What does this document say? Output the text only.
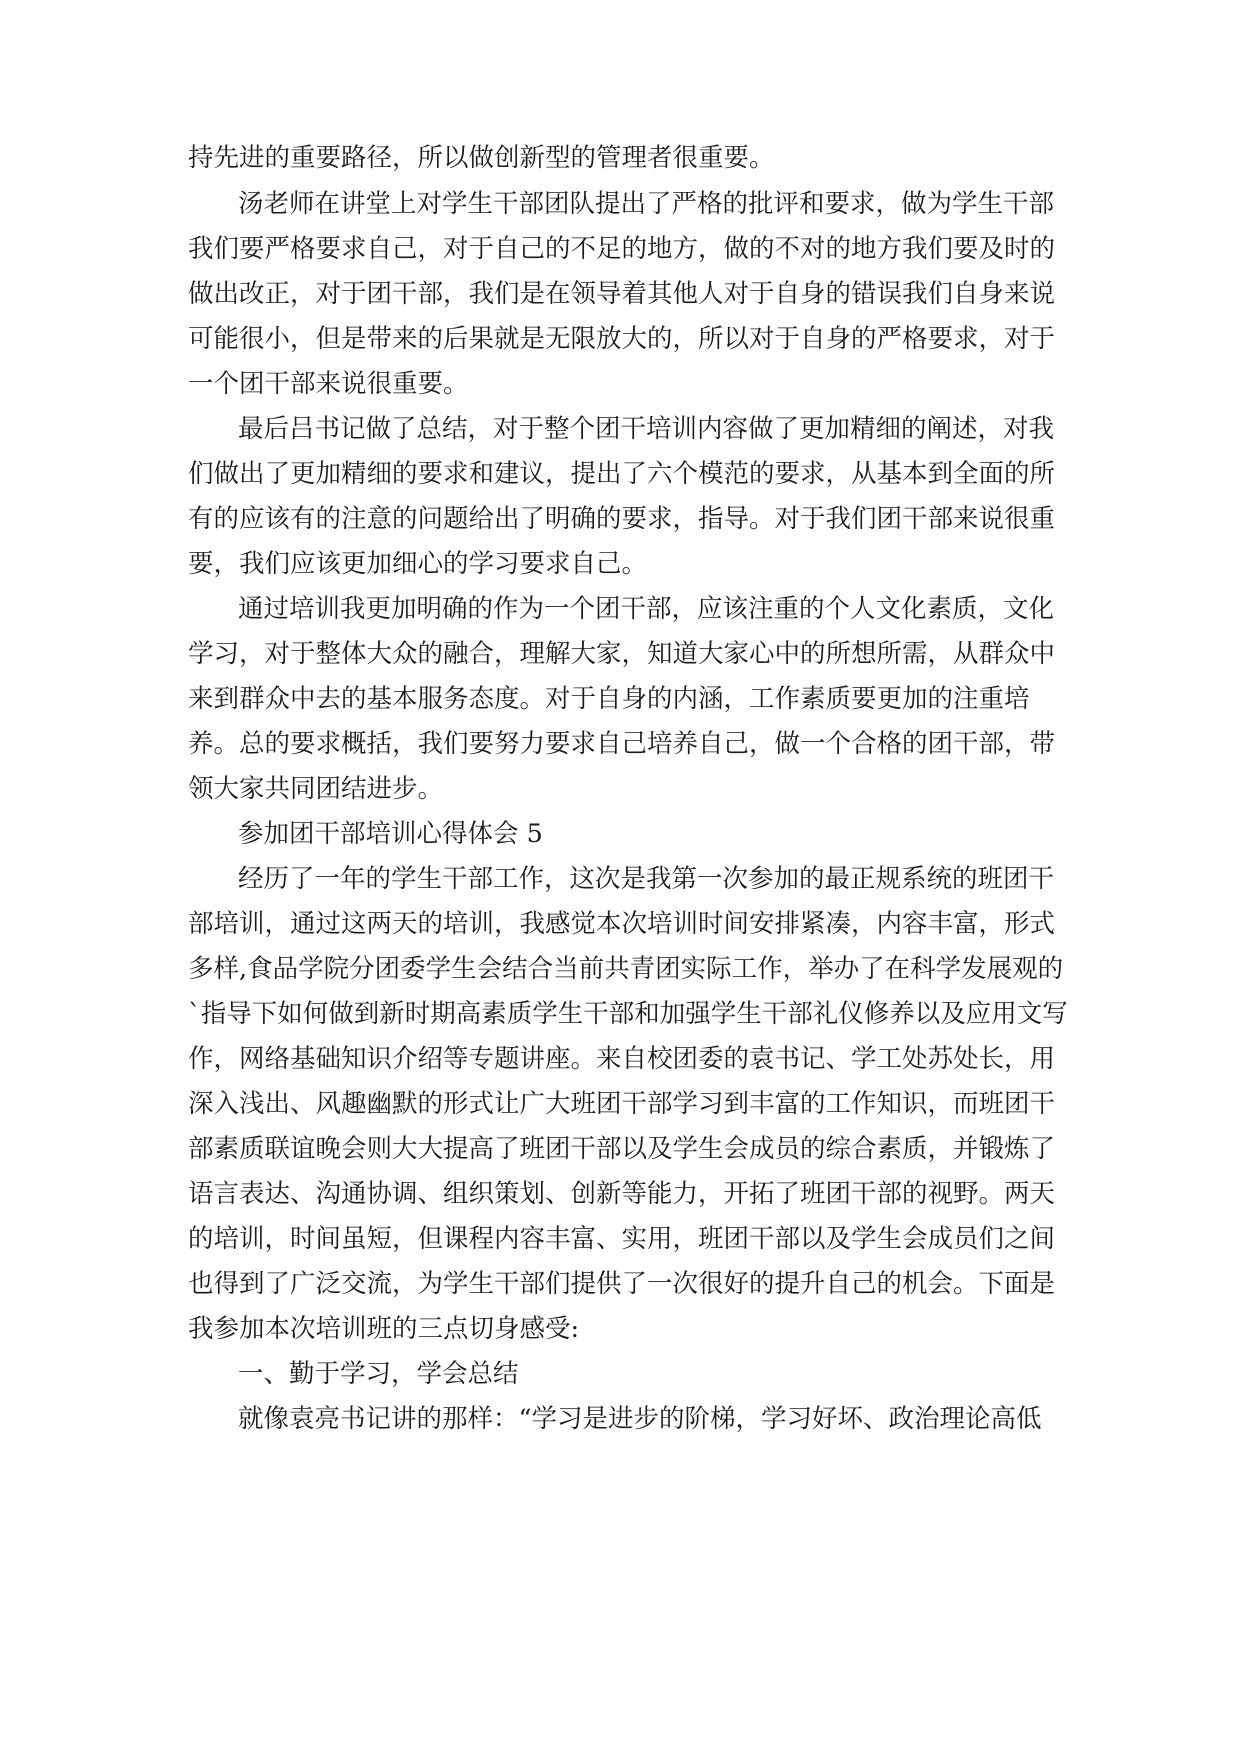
持先进的重要路径，所以做创新型的管理者很重要。
汤老师在讲堂上对学生干部团队提出了严格的批评和要求，做为学生干部
我们要严格要求自己，对于自己的不足的地方，做的不对的地方我们要及时的
做出改正，对于团干部，我们是在领导着其他人对于自身的错误我们自身来说
可能很小，但是带来的后果就是无限放大的，所以对于自身的严格要求，对于
一个团干部来说很重要。
最后吕书记做了总结，对于整个团干培训内容做了更加精细的阐述，对我
们做出了更加精细的要求和建议，提出了六个模范的要求，从基本到全面的所
有的应该有的注意的问题给出了明确的要求，指导。对于我们团干部来说很重
要，我们应该更加细心的学习要求自己。
通过培训我更加明确的作为一个团干部，应该注重的个人文化素质，文化
学习，对于整体大众的融合，理解大家，知道大家心中的所想所需，从群众中
来到群众中去的基本服务态度。对于自身的内涵，工作素质要更加的注重培
养。总的要求概括，我们要努力要求自己培养自己，做一个合格的团干部，带
领大家共同团结进步。
参加团干部培训心得体会 5
经历了一年的学生干部工作，这次是我第一次参加的最正规系统的班团干
部培训，通过这两天的培训，我感觉本次培训时间安排紧凑，内容丰富，形式
多样,食品学院分团委学生会结合当前共青团实际工作，举办了在科学发展观的
`指导下如何做到新时期高素质学生干部和加强学生干部礼仪修养以及应用文写
作，网络基础知识介绍等专题讲座。来自校团委的袁书记、学工处苏处长，用
深入浅出、风趣幽默的形式让广大班团干部学习到丰富的工作知识，而班团干
部素质联谊晚会则大大提高了班团干部以及学生会成员的综合素质，并锻炼了
语言表达、沟通协调、组织策划、创新等能力，开拓了班团干部的视野。两天
的培训，时间虽短，但课程内容丰富、实用，班团干部以及学生会成员们之间
也得到了广泛交流，为学生干部们提供了一次很好的提升自己的机会。下面是
我参加本次培训班的三点切身感受:
一、勤于学习，学会总结
就像袁亮书记讲的那样：“学习是进步的阶梯，学习好坏、政治理论高低
